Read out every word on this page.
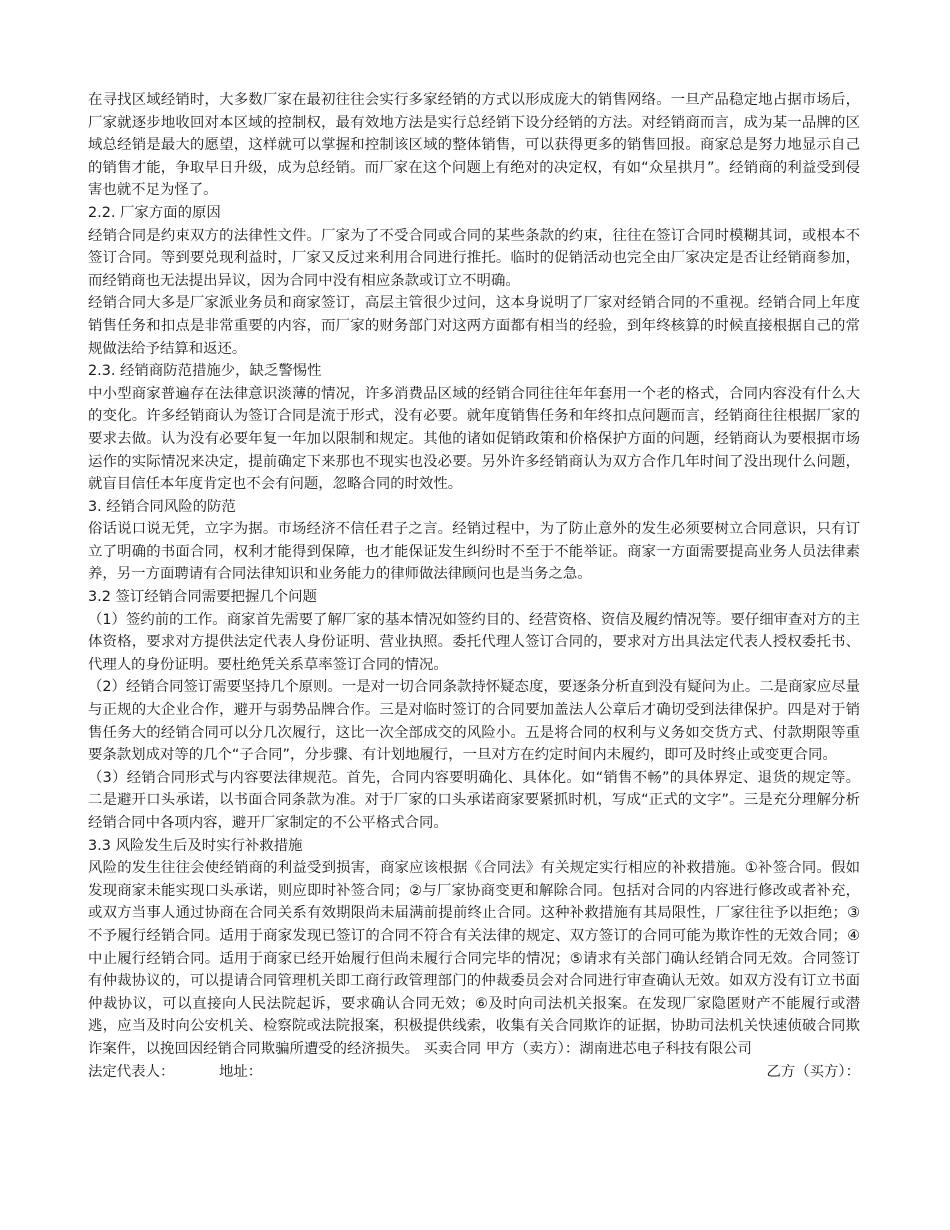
在寻找区域经销时，大多数厂家在最初往往会实行多家经销的方式以形成庞大的销售网络。一旦产品稳定地占据市场后，厂家就逐步地收回对本区域的控制权，最有效地方法是实行总经销下设分经销的方法。对经销商而言，成为某一品牌的区域总经销是最大的愿望，这样就可以掌握和控制该区域的整体销售，可以获得更多的销售回报。商家总是努力地显示自己的销售才能，争取早日升级，成为总经销。而厂家在这个问题上有绝对的决定权，有如“众星拱月”。经销商的利益受到侵害也就不足为怪了。

2.2. 厂家方面的原因

经销合同是约束双方的法律性文件。厂家为了不受合同或合同的某些条款的约束，往往在签订合同时模糊其词，或根本不签订合同。等到要兑现利益时，厂家又反过来利用合同进行推托。临时的促销活动也完全由厂家决定是否让经销商参加，而经销商也无法提出异议，因为合同中没有相应条款或订立不明确。

经销合同大多是厂家派业务员和商家签订，高层主管很少过问，这本身说明了厂家对经销合同的不重视。经销合同上年度销售任务和扣点是非常重要的内容，而厂家的财务部门对这两方面都有相当的经验，到年终核算的时候直接根据自己的常规做法给予结算和返还。

2.3. 经销商防范措施少，缺乏警惕性

中小型商家普遍存在法律意识淡薄的情况，许多消费品区域的经销合同往往年年套用一个老的格式，合同内容没有什么大的变化。许多经销商认为签订合同是流于形式，没有必要。就年度销售任务和年终扣点问题而言，经销商往往根据厂家的要求去做。认为没有必要年复一年加以限制和规定。其他的诸如促销政策和价格保护方面的问题，经销商认为要根据市场运作的实际情况来决定，提前确定下来那也不现实也没必要。另外许多经销商认为双方合作几年时间了没出现什么问题，就盲目信任本年度肯定也不会有问题，忽略合同的时效性。

3. 经销合同风险的防范

俗话说口说无凭，立字为据。市场经济不信任君子之言。经销过程中，为了防止意外的发生必须要树立合同意识，只有订立了明确的书面合同，权利才能得到保障，也才能保证发生纠纷时不至于不能举证。商家一方面需要提高业务人员法律素养，另一方面聘请有合同法律知识和业务能力的律师做法律顾问也是当务之急。

3.2 签订经销合同需要把握几个问题

（1）签约前的工作。商家首先需要了解厂家的基本情况如签约目的、经营资格、资信及履约情况等。要仔细审查对方的主体资格，要求对方提供法定代表人身份证明、营业执照。委托代理人签订合同的，要求对方出具法定代表人授权委托书、代理人的身份证明。要杜绝凭关系草率签订合同的情况。

（2）经销合同签订需要坚持几个原则。一是对一切合同条款持怀疑态度，要逐条分析直到没有疑问为止。二是商家应尽量与正规的大企业合作，避开与弱势品牌合作。三是对临时签订的合同要加盖法人公章后才确切受到法律保护。四是对于销售任务大的经销合同可以分几次履行，这比一次全部成交的风险小。五是将合同的权利与义务如交货方式、付款期限等重要条款划成对等的几个“子合同”，分步骤、有计划地履行，一旦对方在约定时间内未履约，即可及时终止或变更合同。

（3）经销合同形式与内容要法律规范。首先，合同内容要明确化、具体化。如“销售不畅”的具体界定、退货的规定等。二是避开口头承诺，以书面合同条款为准。对于厂家的口头承诺商家要紧抓时机，写成“正式的文字”。三是充分理解分析经销合同中各项内容，避开厂家制定的不公平格式合同。

3.3 风险发生后及时实行补救措施

风险的发生往往会使经销商的利益受到损害，商家应该根据《合同法》有关规定实行相应的补救措施。①补签合同。假如发现商家未能实现口头承诺，则应即时补签合同；②与厂家协商变更和解除合同。包括对合同的内容进行修改或者补充，或双方当事人通过协商在合同关系有效期限尚未届满前提前终止合同。这种补救措施有其局限性，厂家往往予以拒绝；③不予履行经销合同。适用于商家发现已签订的合同不符合有关法律的规定、双方签订的合同可能为欺诈性的无效合同；④中止履行经销合同。适用于商家已经开始履行但尚未履行合同完毕的情况；⑤请求有关部门确认经销合同无效。合同签订有仲裁协议的，可以提请合同管理机关即工商行政管理部门的仲裁委员会对合同进行审查确认无效。如双方没有订立书面仲裁协议，可以直接向人民法院起诉，要求确认合同无效；⑥及时向司法机关报案。在发现厂家隐匿财产不能履行或潜逃，应当及时向公安机关、检察院或法院报案，积极提供线索，收集有关合同欺诈的证据，协助司法机关快速侦破合同欺诈案件，以挽回因经销合同欺骗所遭受的经济损失。 买卖合同 甲方（卖方）：湖南进芯电子科技有限公司

法定代表人：	地址：	乙方（买方）：
